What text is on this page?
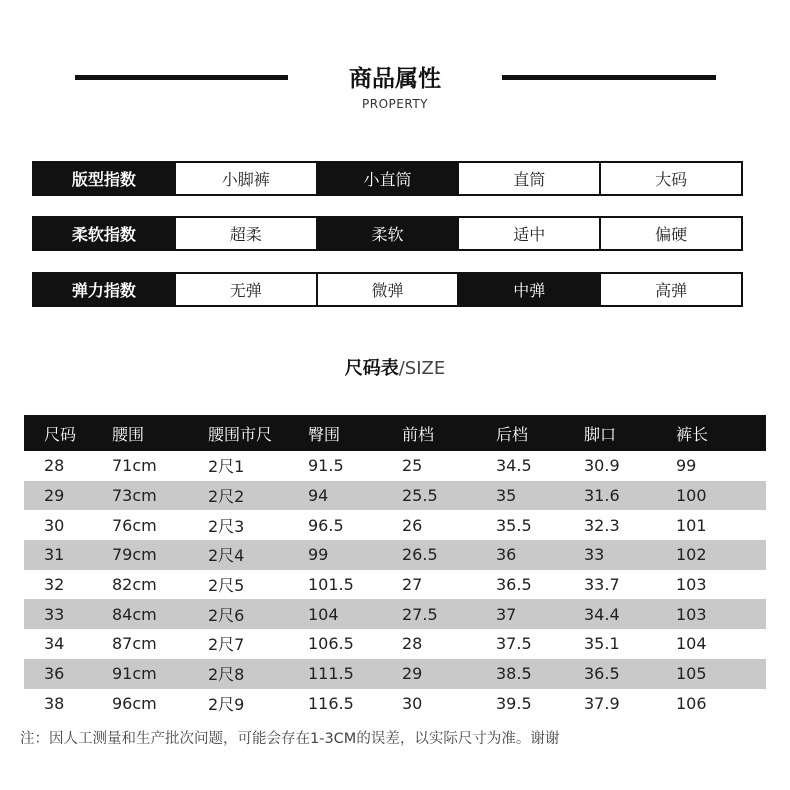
商品属性
PROPERTY
版型指数	小脚裤	小直筒	直筒	大码
柔软指数	超柔	柔软	适中	偏硬
弹力指数	无弹	微弹	中弹	高弹
尺码表/SIZE
尺码	腰围	腰围市尺	臀围	前档	后档	脚口	裤长
28	71cm	2尺1	91.5	25	34.5	30.9	99
29	73cm	2尺2	94	25.5	35	31.6	100
30	76cm	2尺3	96.5	26	35.5	32.3	101
31	79cm	2尺4	99	26.5	36	33	102
32	82cm	2尺5	101.5	27	36.5	33.7	103
33	84cm	2尺6	104	27.5	37	34.4	103
34	87cm	2尺7	106.5	28	37.5	35.1	104
36	91cm	2尺8	111.5	29	38.5	36.5	105
38	96cm	2尺9	116.5	30	39.5	37.9	106
注：因人工测量和生产批次问题，可能会存在1-3CM的误差，以实际尺寸为准。谢谢
